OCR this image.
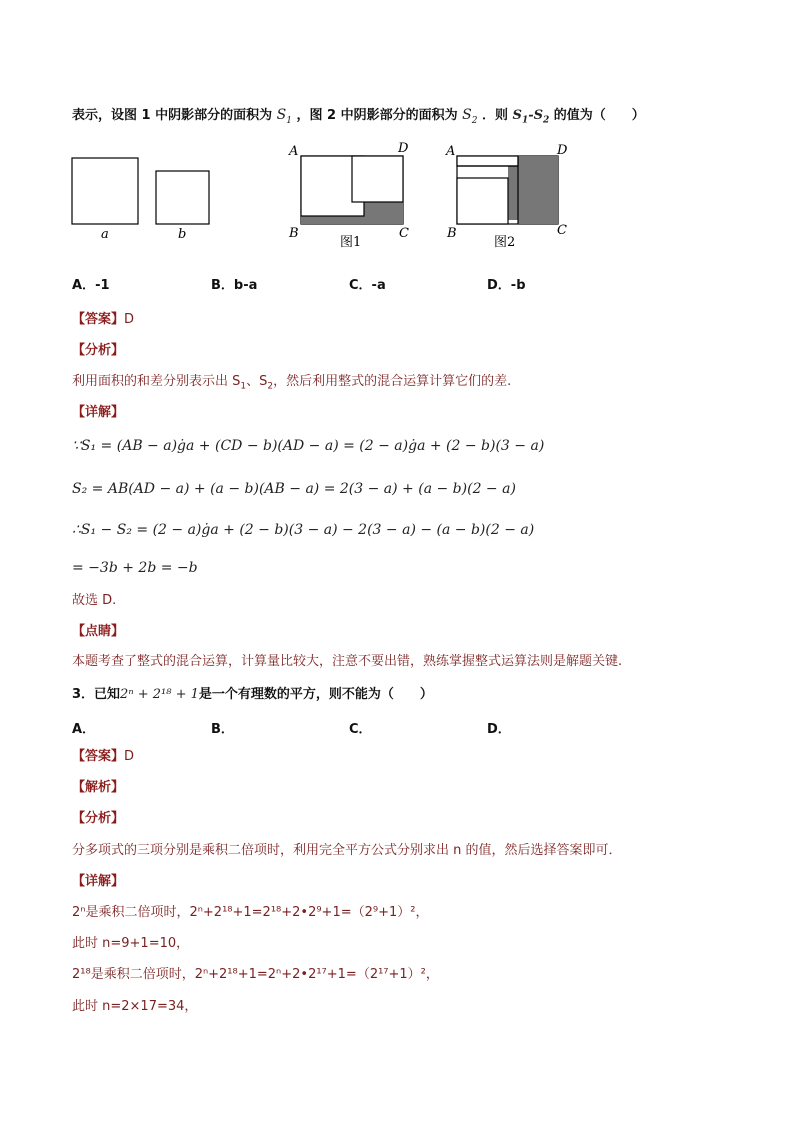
表示，设图 1 中阴影部分的面积为 $S_1$ ，图 2 中阴影部分的面积为 $S_2$ ．则 $S_1-S_2$ 的值为（　　）
a	b
A	D
B	C
图1
A	D
B	C
图2
A．-1	B．b-a	C．-a	D．-b
【答案】D
【分析】
利用面积的和差分别表示出 $S_1$、$S_2$，然后利用整式的混合运算计算它们的差.
【详解】
∵S₁ = (AB − a)ġa + (CD − b)(AD − a) = (2 − a)ġa + (2 − b)(3 − a)
S₂ = AB(AD − a) + (a − b)(AB − a) = 2(3 − a) + (a − b)(2 − a)
∴S₁ − S₂ = (2 − a)ġa + (2 − b)(3 − a) − 2(3 − a) − (a − b)(2 − a)
= −3b + 2b = −b
故选 D.
【点睛】
本题考查了整式的混合运算，计算量比较大，注意不要出错，熟练掌握整式运算法则是解题关键.
3．已知2ⁿ + 2¹⁸ + 1是一个有理数的平方，则不能为（　　）
A．	B．	C．	D．
【答案】D
【解析】
【分析】
分多项式的三项分别是乘积二倍项时，利用完全平方公式分别求出 n 的值，然后选择答案即可．
【详解】
2ⁿ是乘积二倍项时，2ⁿ+2¹⁸+1=2¹⁸+2•2⁹+1=（2⁹+1）²，
此时 n=9+1=10，
2¹⁸是乘积二倍项时，2ⁿ+2¹⁸+1=2ⁿ+2•2¹⁷+1=（2¹⁷+1）²，
此时 n=2×17=34，
